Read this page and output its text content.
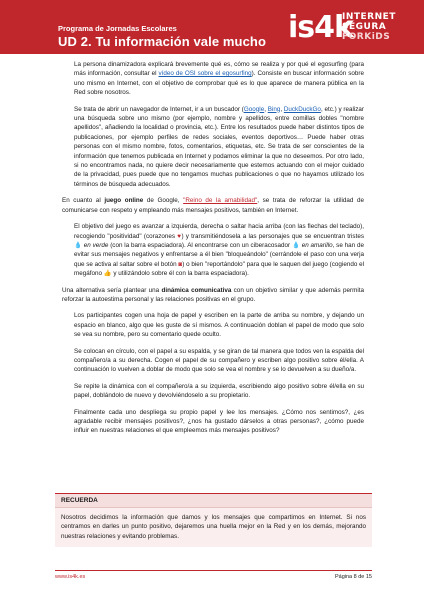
Programa de Jornadas Escolares
UD 2. Tu información vale mucho is4k
INTERNET
SEGURA
FORKiDS

La persona dinamizadora explicará brevemente qué es, cómo se realiza y por qué el egosurfing (para más información, consultar el vídeo de OSI sobre el egosurfing). Consiste en buscar información sobre uno mismo en Internet, con el objetivo de comprobar qué es lo que aparece de manera pública en la Red sobre nosotros.

Se trata de abrir un navegador de Internet, ir a un buscador (Google, Bing, DuckDuckGo, etc.) y realizar una búsqueda sobre uno mismo (por ejemplo, nombre y apellidos, entre comillas dobles "nombre apellidos", añadiendo la localidad o provincia, etc.). Entre los resultados puede haber distintos tipos de publicaciones, por ejemplo perfiles de redes sociales, eventos deportivos… Puede haber otras personas con el mismo nombre, fotos, comentarios, etiquetas, etc. Se trata de ser conscientes de la información que tenemos publicada en Internet y podamos eliminar la que no deseemos. Por otro lado, si no encontramos nada, no quiere decir necesariamente que estemos actuando con el mejor cuidado de la privacidad, pues puede que no tengamos muchas publicaciones o que no hayamos utilizado los términos de búsqueda adecuados.

En cuanto al juego online de Google, "Reino de la amabilidad", se trata de reforzar la utilidad de comunicarse con respeto y empleando más mensajes positivos, también en Internet.

El objetivo del juego es avanzar a izquierda, derecha o saltar hacia arriba (con las flechas del teclado), recogiendo "positividad" (corazones ♥) y transmitiéndosela a las personajes que se encuentran tristes 💧 en verde (con la barra espaciadora). Al encontrarse con un ciberacosador 💧 en amarillo, se han de evitar sus mensajes negativos y enfrentarse a él bien "bloqueándolo" (cerrándole el paso con una verja que se activa al saltar sobre el botón ◙) o bien "reportándolo" para que le saquen del juego (cogiendo el megáfono 👍 y utilizándolo sobre él con la barra espaciadora).

Una alternativa sería plantear una dinámica comunicativa con un objetivo similar y que además permita reforzar la autoestima personal y las relaciones positivas en el grupo.

Los participantes cogen una hoja de papel y escriben en la parte de arriba su nombre, y dejando un espacio en blanco, algo que les guste de sí mismos. A continuación doblan el papel de modo que solo se vea su nombre, pero su comentario quede oculto.

Se colocan en círculo, con el papel a su espalda, y se giran de tal manera que todos ven la espalda del compañero/a a su derecha. Cogen el papel de su compañero y escriben algo positivo sobre él/ella. A continuación lo vuelven a doblar de modo que solo se vea el nombre y se lo devuelven a su dueño/a.

Se repite la dinámica con el compañero/a a su izquierda, escribiendo algo positivo sobre él/ella en su papel, doblándolo de nuevo y devolviéndoselo a su propietario.

Finalmente cada uno despliega su propio papel y lee los mensajes. ¿Cómo nos sentimos?, ¿es agradable recibir mensajes positivos?, ¿nos ha gustado dárselos a otras personas?, ¿cómo puede influir en nuestras relaciones el que empleemos más mensajes positivos?

RECUERDA
Nosotros decidimos la información que damos y los mensajes que compartimos en Internet. Si nos centramos en darles un punto positivo, dejaremos una huella mejor en la Red y en los demás, mejorando nuestras relaciones y evitando problemas.
www.is4k.es	Página 8 de 15
